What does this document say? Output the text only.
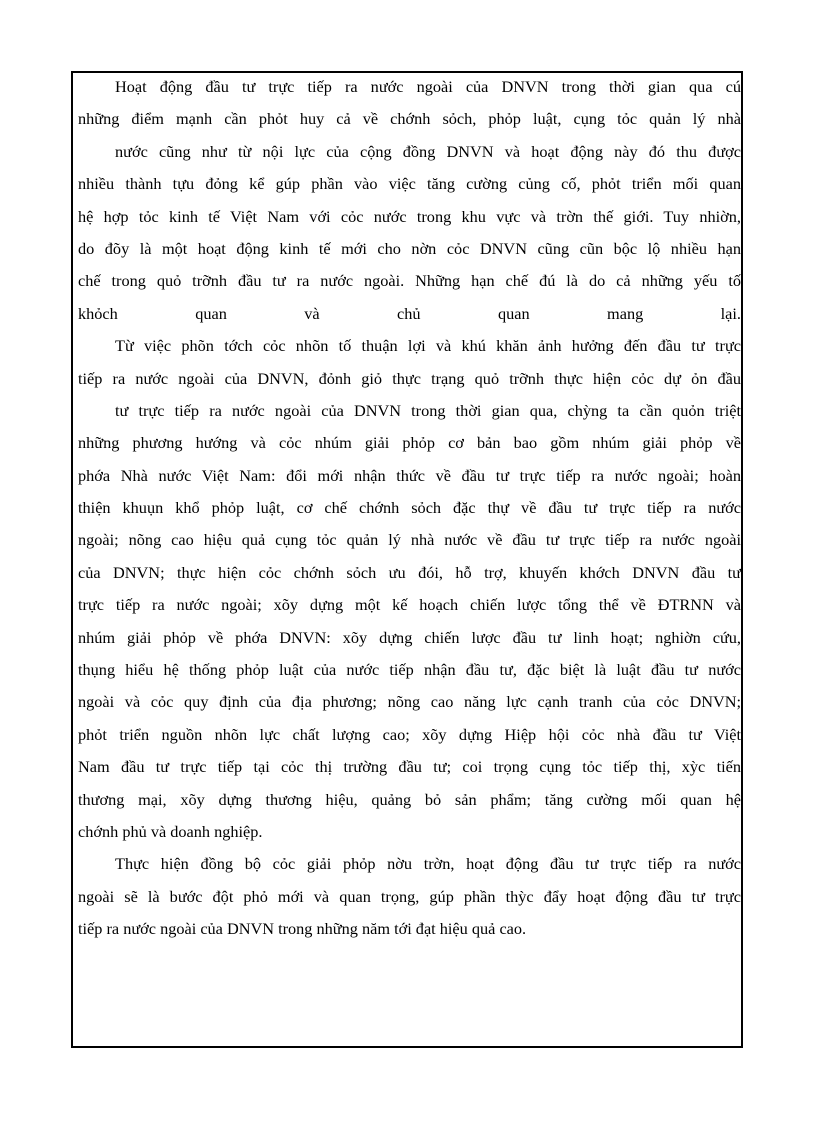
Hoạt động đầu tư trực tiếp ra nước ngoài của DNVN trong thời gian qua cú
những điểm mạnh cần phỏt huy cả về chớnh sỏch, phỏp luật, cụng tỏc quản lý nhà
nước cũng như từ nội lực của cộng đồng DNVN và hoạt động này đó thu được
nhiều thành tựu đỏng kể gúp phần vào việc tăng cường củng cố, phỏt triển mối quan
hệ hợp tỏc kinh tế Việt Nam với cỏc nước trong khu vực và trờn thế giới. Tuy nhiờn,
do đõy là một hoạt động kinh tế mới cho nờn cỏc DNVN cũng cũn bộc lộ nhiều hạn
chế trong quỏ trỡnh đầu tư ra nước ngoài. Những hạn chế đú là do cả những yếu tố
khỏch quan và chủ quan mang lại.
Từ việc phõn tớch cỏc nhõn tố thuận lợi và khú khăn ảnh hưởng đến đầu tư trực
tiếp ra nước ngoài của DNVN, đỏnh giỏ thực trạng quỏ trỡnh thực hiện cỏc dự ỏn đầu
tư trực tiếp ra nước ngoài của DNVN trong thời gian qua, chỳng ta cần quỏn triệt
những phương hướng và cỏc nhúm giải phỏp cơ bản bao gồm nhúm giải phỏp về
phớa Nhà nước Việt Nam: đổi mới nhận thức về đầu tư trực tiếp ra nước ngoài; hoàn
thiện khuụn khổ phỏp luật, cơ chế chớnh sỏch đặc thự về đầu tư trực tiếp ra nước
ngoài; nõng cao hiệu quả cụng tỏc quản lý nhà nước về đầu tư trực tiếp ra nước ngoài
của DNVN; thực hiện cỏc chớnh sỏch ưu đói, hỗ trợ, khuyến khớch DNVN đầu tư
trực tiếp ra nước ngoài; xõy dựng một kế hoạch chiến lược tổng thể về ĐTRNN và
nhúm giải phỏp về phớa DNVN: xõy dựng chiến lược đầu tư linh hoạt; nghiờn cứu,
thụng hiểu hệ thống phỏp luật của nước tiếp nhận đầu tư, đặc biệt là luật đầu tư nước
ngoài và cỏc quy định của địa phương; nõng cao năng lực cạnh tranh của cỏc DNVN;
phỏt triển nguồn nhõn lực chất lượng cao; xõy dựng Hiệp hội cỏc nhà đầu tư Việt
Nam đầu tư trực tiếp tại cỏc thị trường đầu tư; coi trọng cụng tỏc tiếp thị, xỳc tiến
thương mại, xõy dựng thương hiệu, quảng bỏ sản phẩm; tăng cường mối quan hệ
chớnh phủ và doanh nghiệp.
Thực hiện đồng bộ cỏc giải phỏp nờu trờn, hoạt động đầu tư trực tiếp ra nước
ngoài sẽ là bước đột phỏ mới và quan trọng, gúp phần thỳc đẩy hoạt động đầu tư trực
tiếp ra nước ngoài của DNVN trong những năm tới đạt hiệu quả cao.
